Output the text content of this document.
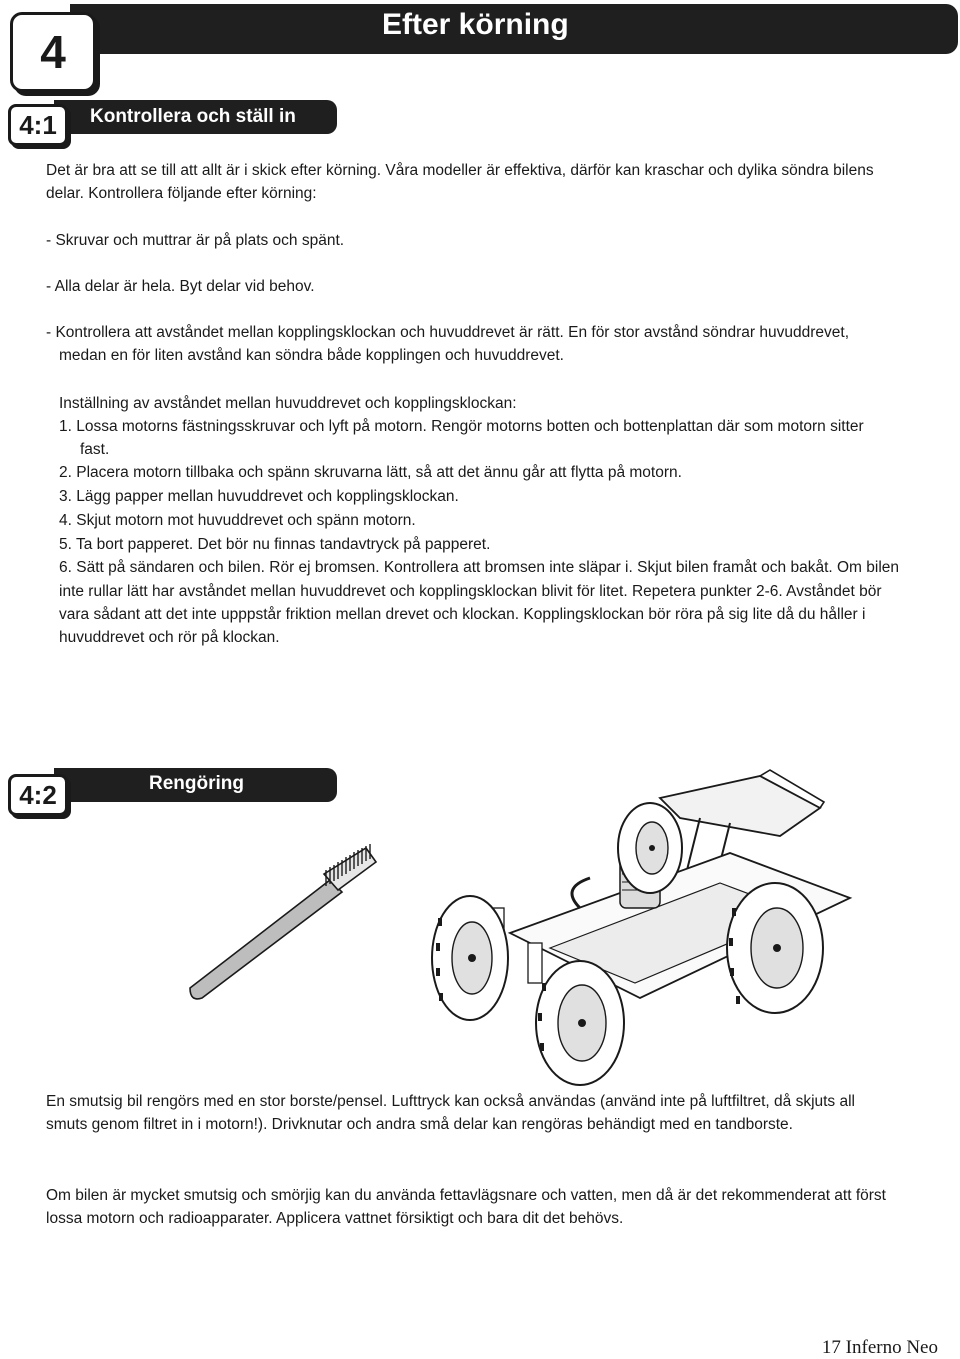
4
Efter körning
4:1	Kontrollera och ställ in
Det är bra att se till att allt är i skick efter körning. Våra modeller är effektiva, därför kan kraschar och dylika söndra bilens
delar. Kontrollera följande efter körning:
- Skruvar och muttrar är på plats och spänt.
- Alla delar är hela. Byt delar vid behov.
- Kontrollera att avståndet mellan kopplingsklockan och huvuddrevet är rätt. En för stor avstånd söndrar huvuddrevet,
medan en för liten avstånd kan söndra både kopplingen och huvuddrevet.
Inställning av avståndet mellan huvuddrevet och kopplingsklockan:
1. Lossa motorns fästningsskruvar och lyft på motorn. Rengör motorns botten och bottenplattan där som motorn sitter
fast.
2. Placera motorn tillbaka och spänn skruvarna lätt, så att det ännu går att flytta på motorn.
3. Lägg papper mellan huvuddrevet och kopplingsklockan.
4. Skjut motorn mot huvuddrevet och spänn motorn.
5. Ta bort papperet. Det bör nu finnas tandavtryck på papperet.
6. Sätt på sändaren och bilen. Rör ej bromsen. Kontrollera att bromsen inte släpar i. Skjut bilen framåt och bakåt. Om bilen
inte rullar lätt har avståndet mellan huvuddrevet och kopplingsklockan blivit för litet. Repetera punkter 2-6. Avståndet bör
vara sådant att det inte upppstår friktion mellan drevet och klockan. Kopplingsklockan bör röra på sig lite då du håller i
huvuddrevet och rör på klockan.
4:2	Rengöring
En smutsig bil rengörs med en stor borste/pensel. Lufttryck kan också användas (använd inte på luftfiltret, då skjuts all
smuts genom filtret in i motorn!). Drivknutar och andra små delar kan rengöras behändigt med en tandborste.
Om bilen är mycket smutsig och smörjig kan du använda fettavlägsnare och vatten, men då är det rekommenderat att först
lossa motorn och radioapparater. Applicera vattnet försiktigt och bara dit det behövs.
17 Inferno Neo
